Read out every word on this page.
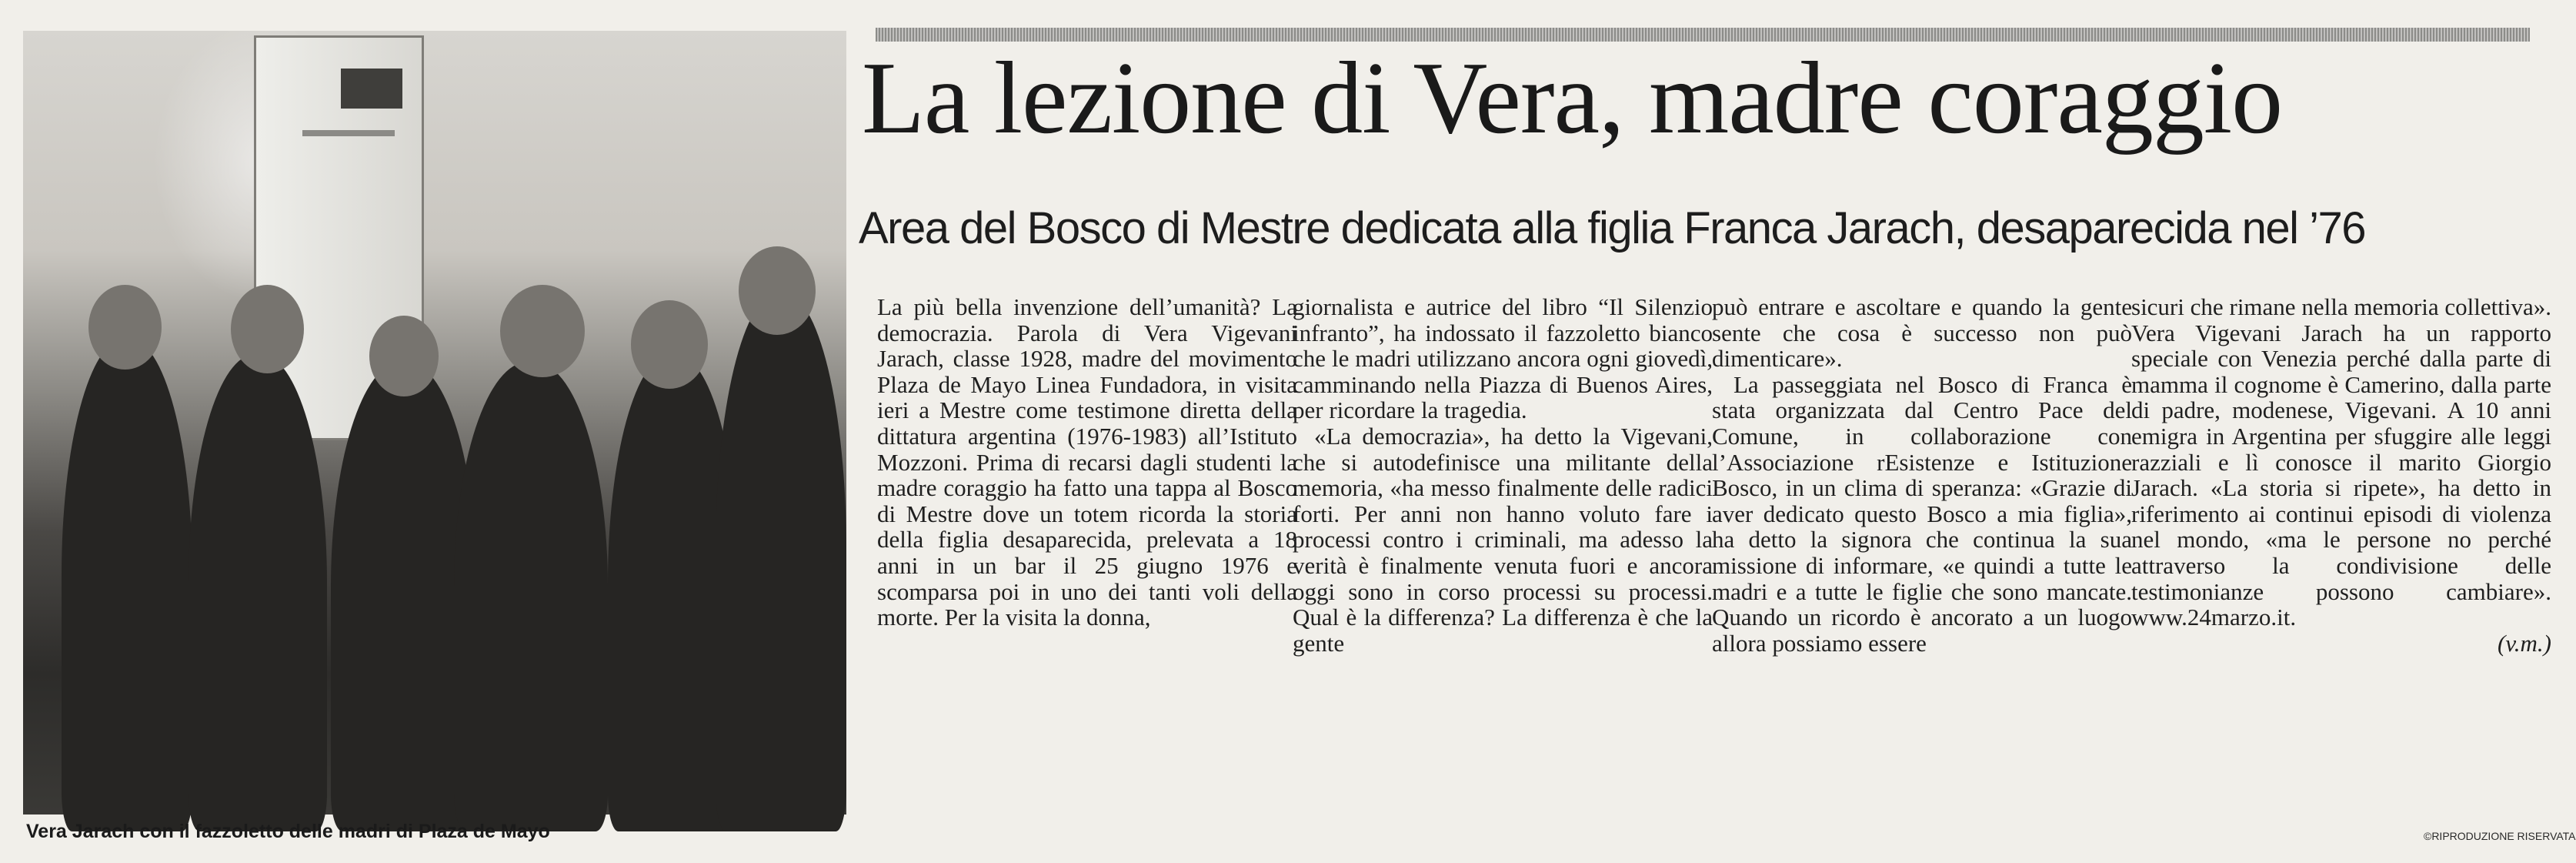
Vera Jarach con il fazzoletto delle madri di Plaza de Mayo
La lezione di Vera, madre coraggio
Area del Bosco di Mestre dedicata alla figlia Franca Jarach, desaparecida nel ’76

La più bella invenzione dell’umanità? La democrazia. Parola di Vera Vigevani Jarach, classe 1928, madre del movimento Plaza de Mayo Linea Fundadora, in visita ieri a Mestre come testimone diretta della dittatura argentina (1976-1983) all’Istituto Mozzoni. Prima di recarsi dagli studenti la madre coraggio ha fatto una tappa al Bosco di Mestre dove un totem ricorda la storia della figlia desaparecida, prelevata a 18 anni in un bar il 25 giugno 1976 e scomparsa poi in uno dei tanti voli della morte. Per la visita la donna,

giornalista e autrice del libro “Il Silenzio infranto”, ha indossato il fazzoletto bianco che le madri utilizzano ancora ogni giovedì, camminando nella Piazza di Buenos Aires, per ricordare la tragedia.

«La democrazia», ha detto la Vigevani, che si autodefinisce una militante della memoria, «ha messo finalmente delle radici forti. Per anni non hanno voluto fare i processi contro i criminali, ma adesso la verità è finalmente venuta fuori e ancora oggi sono in corso processi su processi. Qual è la differenza? La differenza è che la gente

può entrare e ascoltare e quando la gente sente che cosa è successo non può dimenticare».

La passeggiata nel Bosco di Franca è stata organizzata dal Centro Pace del Comune, in collaborazione con l’Associazione rEsistenze e Istituzione Bosco, in un clima di speranza: «Grazie di aver dedicato questo Bosco a mia figlia», ha detto la signora che continua la sua missione di informare, «e quindi a tutte le madri e a tutte le figlie che sono mancate. Quando un ricordo è ancorato a un luogo allora possiamo essere

sicuri che rimane nella memoria collettiva». Vera Vigevani Jarach ha un rapporto speciale con Venezia perché dalla parte di mamma il cognome è Camerino, dalla parte di padre, modenese, Vigevani. A 10 anni emigra in Argentina per sfuggire alle leggi razziali e lì conosce il marito Giorgio Jarach. «La storia si ripete», ha detto in riferimento ai continui episodi di violenza nel mondo, «ma le persone no perché attraverso la condivisione delle testimonianze possono cambiare». www.24marzo.it.

(v.m.)
©RIPRODUZIONE RISERVATA
